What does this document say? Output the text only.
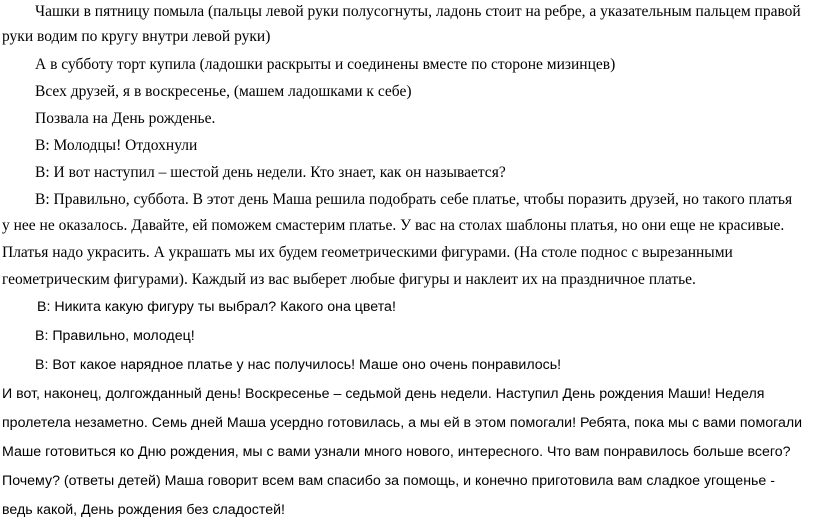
Чашки в пятницу помыла (пальцы левой руки полусогнуты, ладонь стоит на ребре, а указательным пальцем правой
руки водим по кругу внутри левой руки)
А в субботу торт купила (ладошки раскрыты и соединены вместе по стороне мизинцев)
Всех друзей, я в воскресенье, (машем ладошками к себе)
Позвала на День рожденье.
В: Молодцы! Отдохнули
В: И вот наступил – шестой день недели. Кто знает, как он называется?
В: Правильно, суббота. В этот день Маша решила подобрать себе платье, чтобы поразить друзей, но такого платья
у нее не оказалось. Давайте, ей поможем смастерим платье. У вас на столах шаблоны платья, но они еще не красивые.
Платья надо украсить. А украшать мы их будем геометрическими фигурами. (На столе поднос с вырезанными
геометрическим фигурами). Каждый из вас выберет любые фигуры и наклеит их на праздничное платье.
В: Никита какую фигуру ты выбрал? Какого она цвета!
В: Правильно, молодец!
В: Вот какое нарядное платье у нас получилось! Маше оно очень понравилось!
И вот, наконец, долгожданный день! Воскресенье – седьмой день недели. Наступил День рождения Маши! Неделя
пролетела незаметно. Семь дней Маша усердно готовилась, а мы ей в этом помогали! Ребята, пока мы с вами помогали
Маше готовиться ко Дню рождения, мы с вами узнали много нового, интересного. Что вам понравилось больше всего?
Почему? (ответы детей) Маша говорит всем вам спасибо за помощь, и конечно приготовила вам сладкое угощенье -
ведь какой, День рождения без сладостей!
